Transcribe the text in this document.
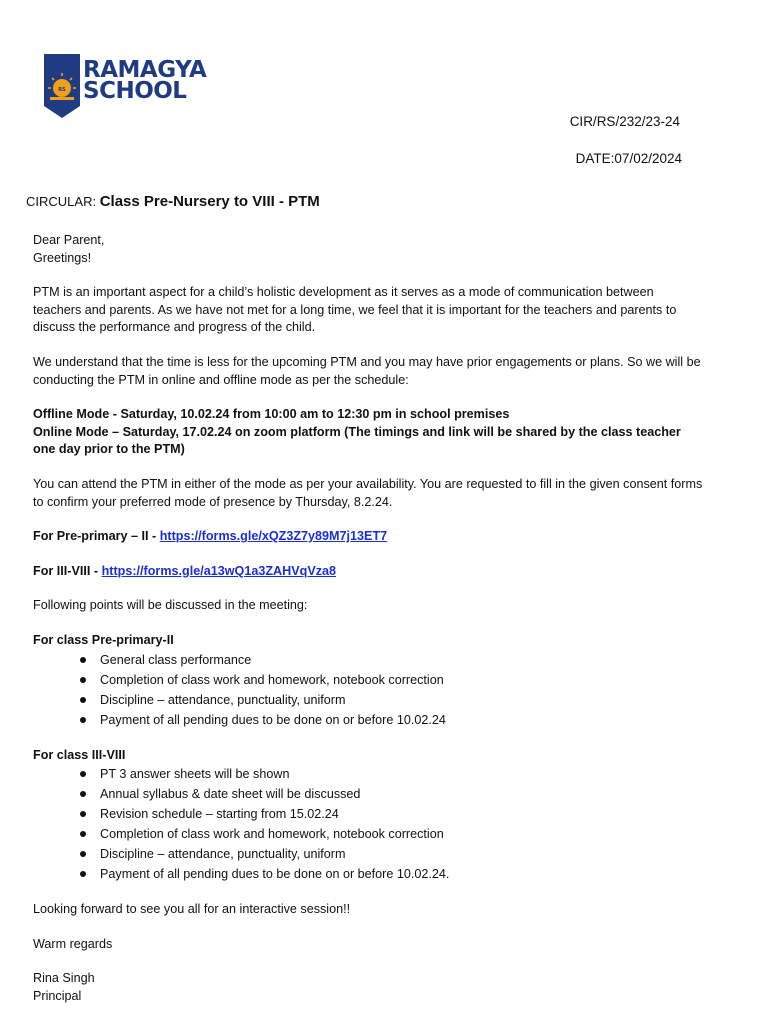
RS
RAMAGYA
SCHOOL
CIR/RS/232/23-24
DATE:07/02/2024
CIRCULAR: Class Pre-Nursery to VIII - PTM

Dear Parent,

Greetings!

PTM is an important aspect for a child’s holistic development as it serves as a mode of communication between teachers and parents. As we have not met for a long time, we feel that it is important for the teachers and parents to discuss the performance and progress of the child.

We understand that the time is less for the upcoming PTM and you may have prior engagements or plans. So we will be conducting the PTM in online and offline mode as per the schedule:

Offline Mode - Saturday, 10.02.24 from 10:00 am to 12:30 pm in school premises

Online Mode – Saturday, 17.02.24 on zoom platform (The timings and link will be shared by the class teacher one day prior to the PTM)

You can attend the PTM in either of the mode as per your availability. You are requested to fill in the given consent forms to confirm your preferred mode of presence by Thursday, 8.2.24.

For Pre-primary – II - https://forms.gle/xQZ3Z7y89M7j13ET7

For III-VIII - https://forms.gle/a13wQ1a3ZAHVqVza8

Following points will be discussed in the meeting:

For class Pre-primary-II

General class performance
Completion of class work and homework, notebook correction
Discipline – attendance, punctuality, uniform
Payment of all pending dues to be done on or before 10.02.24

For class III-VIII

PT 3 answer sheets will be shown
Annual syllabus & date sheet will be discussed
Revision schedule – starting from 15.02.24
Completion of class work and homework, notebook correction
Discipline – attendance, punctuality, uniform
Payment of all pending dues to be done on or before 10.02.24.

Looking forward to see you all for an interactive session!!

Warm regards

Rina Singh

Principal
